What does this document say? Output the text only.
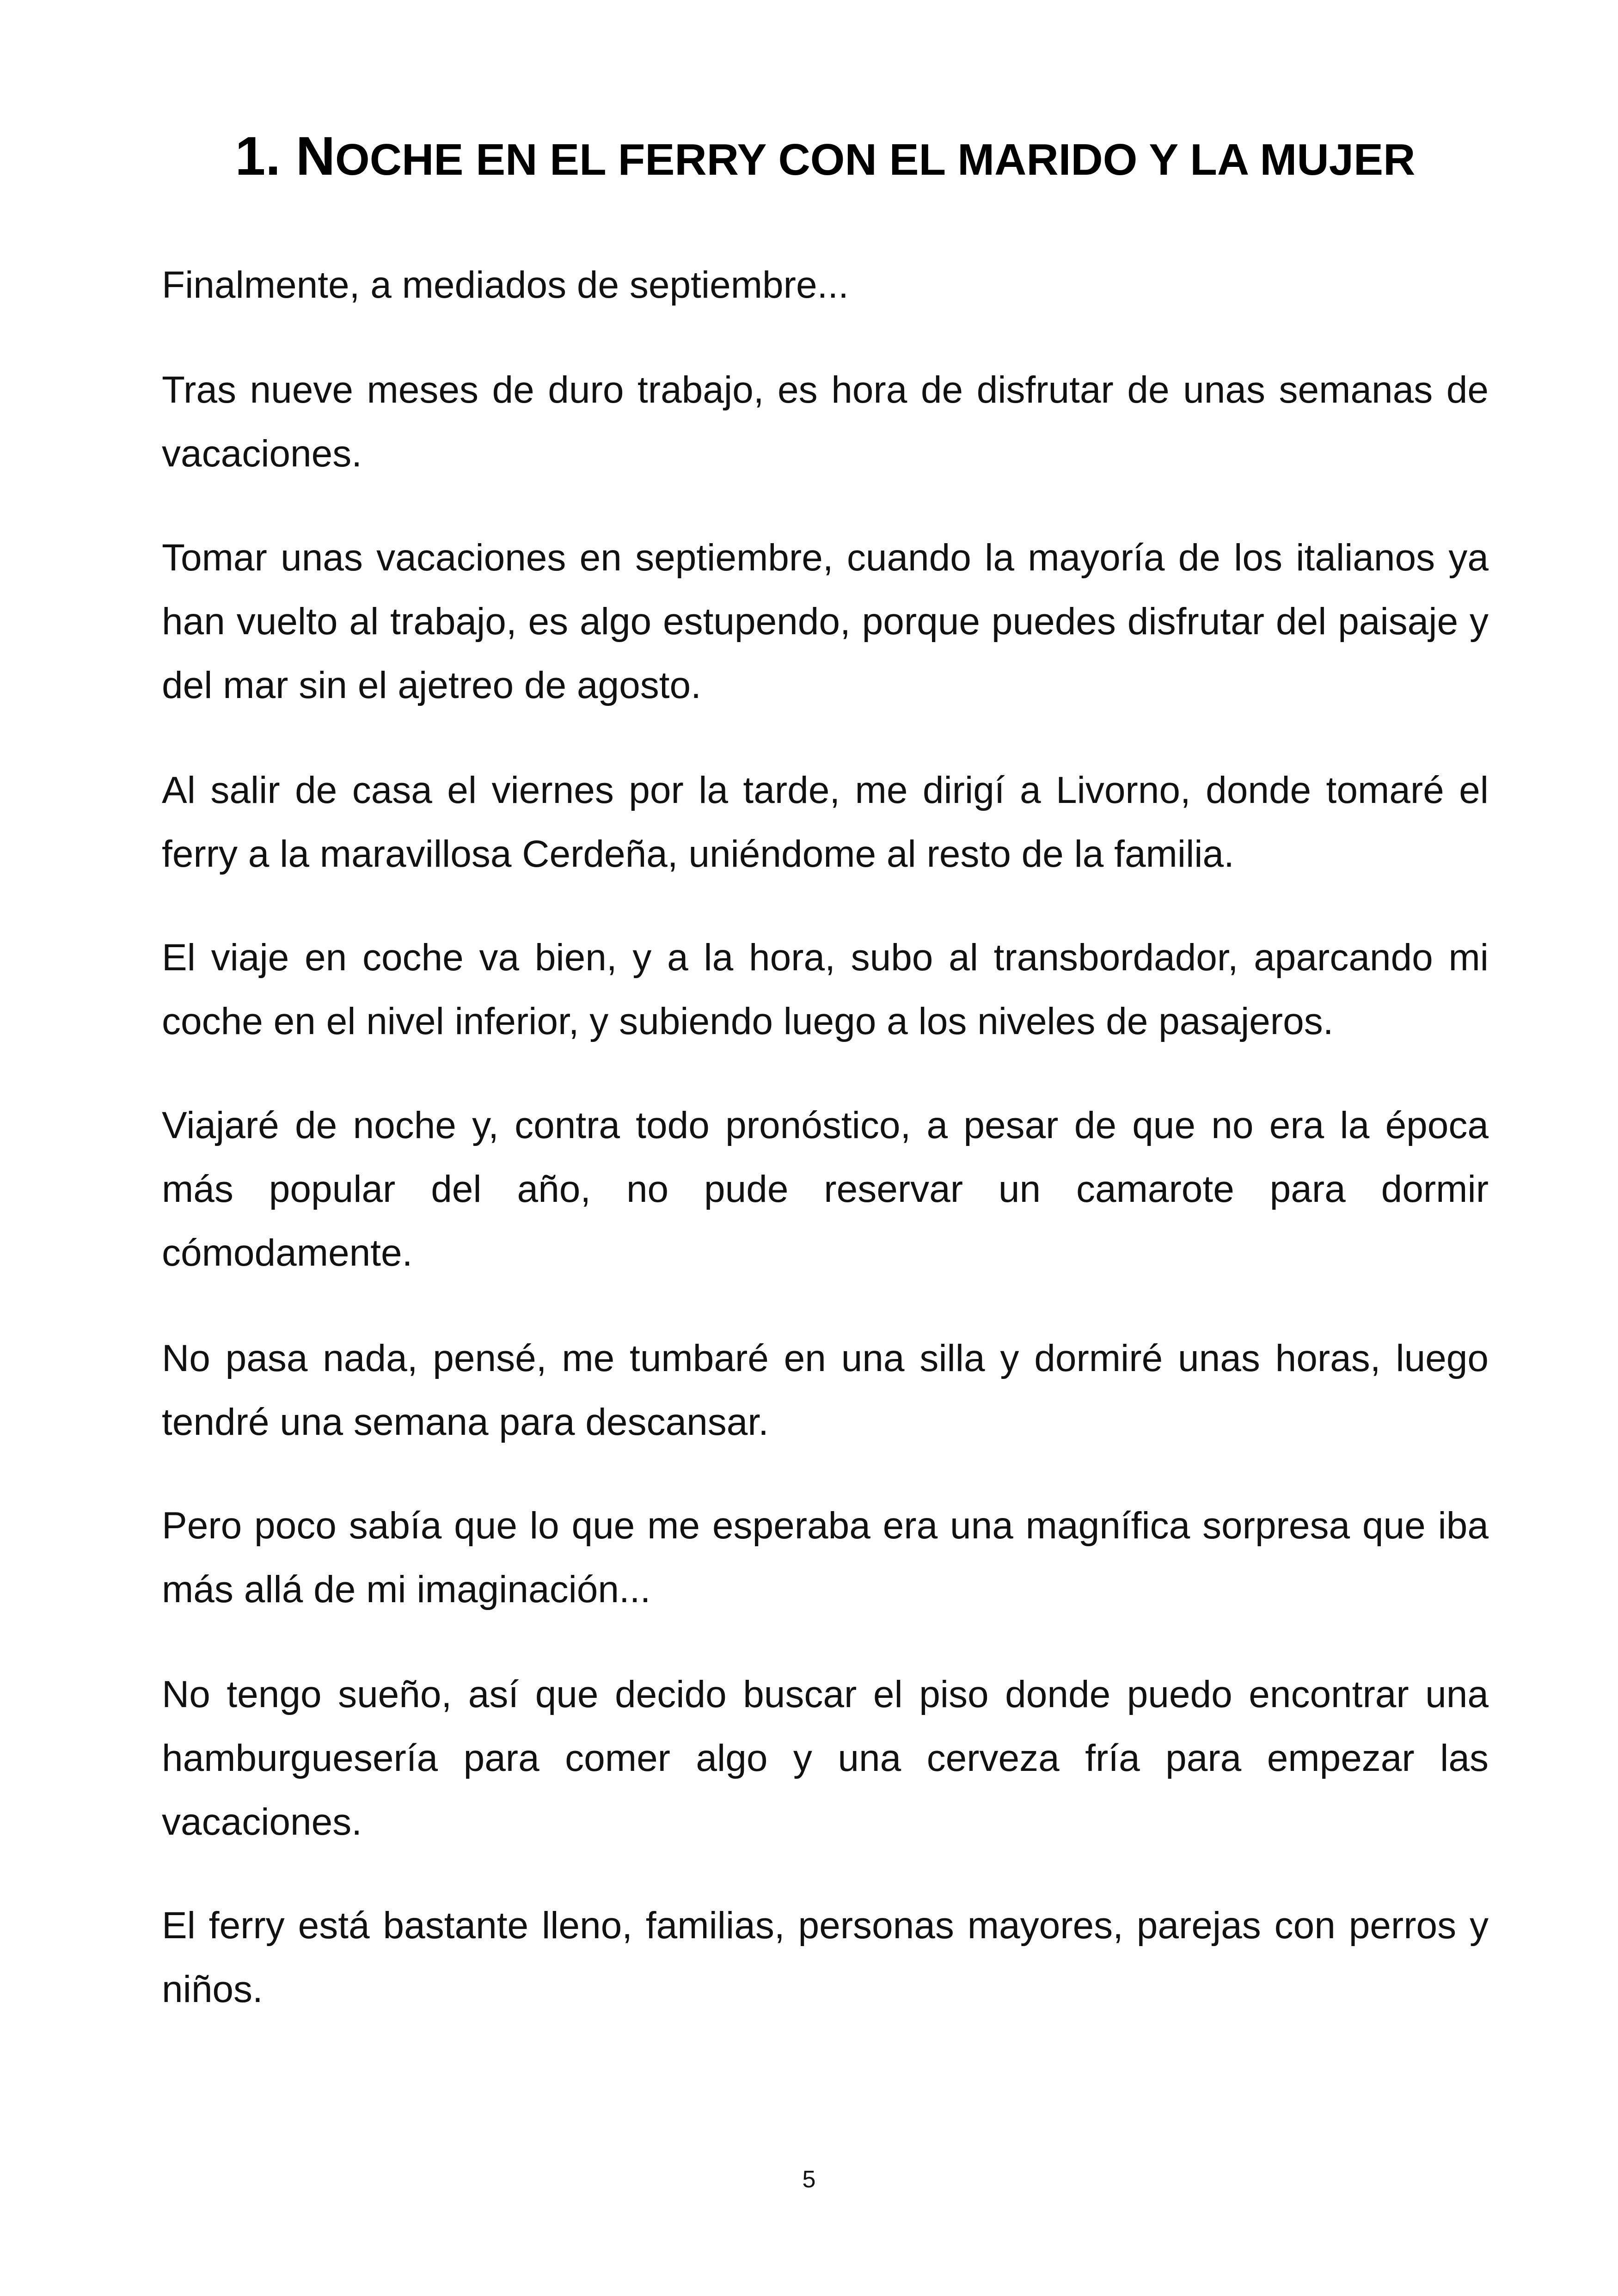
1. NOCHE EN EL FERRY CON EL MARIDO Y LA MUJER

Finalmente, a mediados de septiembre...

Tras nueve meses de duro trabajo, es hora de disfrutar de unas semanas de vacaciones.

Tomar unas vacaciones en septiembre, cuando la mayoría de los italianos ya han vuelto al trabajo, es algo estupendo, porque puedes disfrutar del paisaje y del mar sin el ajetreo de agosto.

Al salir de casa el viernes por la tarde, me dirigí a Livorno, donde tomaré el ferry a la maravillosa Cerdeña, uniéndome al resto de la familia.

El viaje en coche va bien, y a la hora, subo al transbordador, aparcando mi coche en el nivel inferior, y subiendo luego a los niveles de pasajeros.

Viajaré de noche y, contra todo pronóstico, a pesar de que no era la época más popular del año, no pude reservar un camarote para dormir cómodamente.

No pasa nada, pensé, me tumbaré en una silla y dormiré unas horas, luego tendré una semana para descansar.

Pero poco sabía que lo que me esperaba era una magnífica sorpresa que iba más allá de mi imaginación...

No tengo sueño, así que decido buscar el piso donde puedo encontrar una hamburguesería para comer algo y una cerveza fría para empezar las vacaciones.

El ferry está bastante lleno, familias, personas mayores, parejas con perros y niños.

5
